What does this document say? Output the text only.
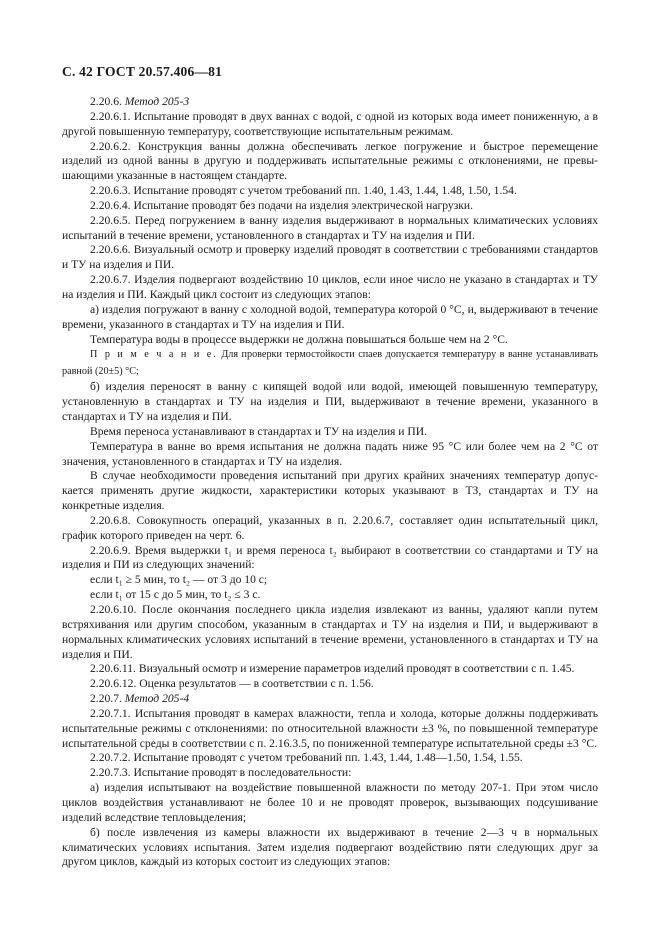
С. 42 ГОСТ 20.57.406—81

2.20.6. Метод 205-3

2.20.6.1. Испытание проводят в двух ваннах с водой, с одной из которых вода имеет пониженную, а в другой повышенную температуру, соответствующие испытательным режимам.

2.20.6.2. Конструкция ванны должна обеспечивать легкое погружение и быстрое перемещение изделий из одной ванны в другую и поддерживать испытательные режимы с отклонениями, не превышающими указанные в настоящем стандарте.

2.20.6.3. Испытание проводят с учетом требований пп. 1.40, 1.43, 1.44, 1.48, 1.50, 1.54.

2.20.6.4. Испытание проводят без подачи на изделия электрической нагрузки.

2.20.6.5. Перед погружением в ванну изделия выдерживают в нормальных климатических условиях испытаний в течение времени, установленного в стандартах и ТУ на изделия и ПИ.

2.20.6.6. Визуальный осмотр и проверку изделий проводят в соответствии с требованиями стандартов и ТУ на изделия и ПИ.

2.20.6.7. Изделия подвергают воздействию 10 циклов, если иное число не указано в стандартах и ТУ на изделия и ПИ. Каждый цикл состоит из следующих этапов:

а) изделия погружают в ванну с холодной водой, температура которой 0 °С, и, выдерживают в течение времени, указанного в стандартах и ТУ на изделия и ПИ.

Температура воды в процессе выдержки не должна повышаться больше чем на 2 °С.

П р и м е ч а н и е. Для проверки термостойкости спаев допускается температуру в ванне устанавливать равной (20±5) °С;

б) изделия переносят в ванну с кипящей водой или водой, имеющей повышенную температуру, установленную в стандартах и ТУ на изделия и ПИ, выдерживают в течение времени, указанного в стандартах и ТУ на изделия и ПИ.

Время переноса устанавливают в стандартах и ТУ на изделия и ПИ.

Температура в ванне во время испытания не должна падать ниже 95 °С или более чем на 2 °С от значения, установленного в стандартах и ТУ на изделия.

В случае необходимости проведения испытаний при других крайних значениях температур допускается применять другие жидкости, характеристики которых указывают в ТЗ, стандартах и ТУ на конкретные изделия.

2.20.6.8. Совокупность операций, указанных в п. 2.20.6.7, составляет один испытательный цикл, график которого приведен на черт. 6.

2.20.6.9. Время выдержки t₁ и время переноса t₂ выбирают в соответствии со стандартами и ТУ на изделия и ПИ из следующих значений:

если t₁ ≥ 5 мин, то t₂ — от 3 до 10 с;

если t₁ от 15 с до 5 мин, то t₂ ≤ 3 с.

2.20.6.10. После окончания последнего цикла изделия извлекают из ванны, удаляют капли путем встряхивания или другим способом, указанным в стандартах и ТУ на изделия и ПИ, и выдерживают в нормальных климатических условиях испытаний в течение времени, установленного в стандартах и ТУ на изделия и ПИ.

2.20.6.11. Визуальный осмотр и измерение параметров изделий проводят в соответствии с п. 1.45.

2.20.6.12. Оценка результатов — в соответствии с п. 1.56.

2.20.7. Метод 205-4

2.20.7.1. Испытания проводят в камерах влажности, тепла и холода, которые должны поддерживать испытательные режимы с отклонениями: по относительной влажности ±3 %, по повышенной температуре испытательной среды в соответствии с п. 2.16.3.5, по пониженной температуре испытательной среды ±3 °С.

2.20.7.2. Испытание проводят с учетом требований пп. 1.43, 1.44, 1.48—1.50, 1.54, 1.55.

2.20.7.3. Испытание проводят в последовательности:

а) изделия испытывают на воздействие повышенной влажности по методу 207-1. При этом число циклов воздействия устанавливают не более 10 и не проводят проверок, вызывающих подсушивание изделий вследствие тепловыделения;

б) после извлечения из камеры влажности их выдерживают в течение 2—3 ч в нормальных климатических условиях испытания. Затем изделия подвергают воздействию пяти следующих друг за другом циклов, каждый из которых состоит из следующих этапов:
